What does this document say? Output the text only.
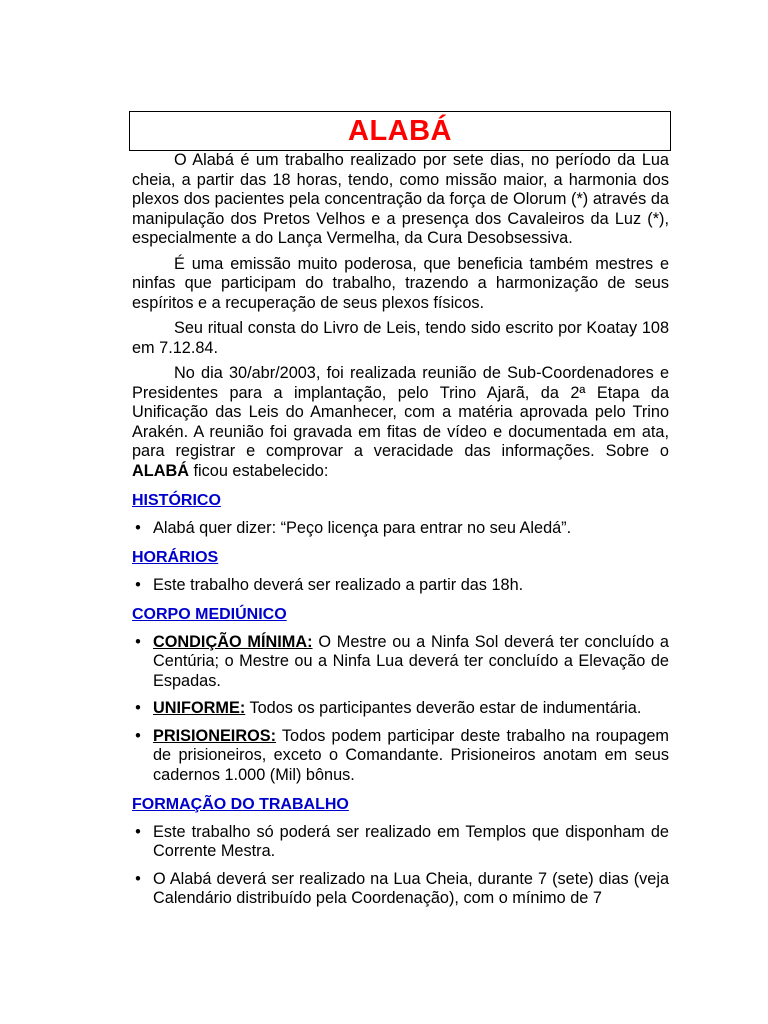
ALABÁ

O Alabá é um trabalho realizado por sete dias, no período da Lua cheia, a partir das 18 horas, tendo, como missão maior, a harmonia dos plexos dos pacientes pela concentração da força de Olorum (*) através da manipulação dos Pretos Velhos e a presença dos Cavaleiros da Luz (*), especialmente a do Lança Vermelha, da Cura Desobsessiva.

É uma emissão muito poderosa, que beneficia também mestres e ninfas que participam do trabalho, trazendo a harmonização de seus espíritos e a recuperação de seus plexos físicos.

Seu ritual consta do Livro de Leis, tendo sido escrito por Koatay 108 em 7.12.84.

No dia 30/abr/2003, foi realizada reunião de Sub-Coordenadores e Presidentes para a implantação, pelo Trino Ajarã, da 2ª Etapa da Unificação das Leis do Amanhecer, com a matéria aprovada pelo Trino Arakén. A reunião foi gravada em fitas de vídeo e documentada em ata, para registrar e comprovar a veracidade das informações. Sobre o ALABÁ ficou estabelecido:

HISTÓRICO
• Alabá quer dizer: “Peço licença para entrar no seu Aledá”.
HORÁRIOS
• Este trabalho deverá ser realizado a partir das 18h.
CORPO MEDIÚNICO
• CONDIÇÃO MÍNIMA: O Mestre ou a Ninfa Sol deverá ter concluído a Centúria; o Mestre ou a Ninfa Lua deverá ter concluído a Elevação de Espadas.
• UNIFORME: Todos os participantes deverão estar de indumentária.
• PRISIONEIROS: Todos podem participar deste trabalho na roupagem de prisioneiros, exceto o Comandante. Prisioneiros anotam em seus cadernos 1.000 (Mil) bônus.
FORMAÇÃO DO TRABALHO
• Este trabalho só poderá ser realizado em Templos que disponham de Corrente Mestra.
• O Alabá deverá ser realizado na Lua Cheia, durante 7 (sete) dias (veja Calendário distribuído pela Coordenação), com o mínimo de 7
